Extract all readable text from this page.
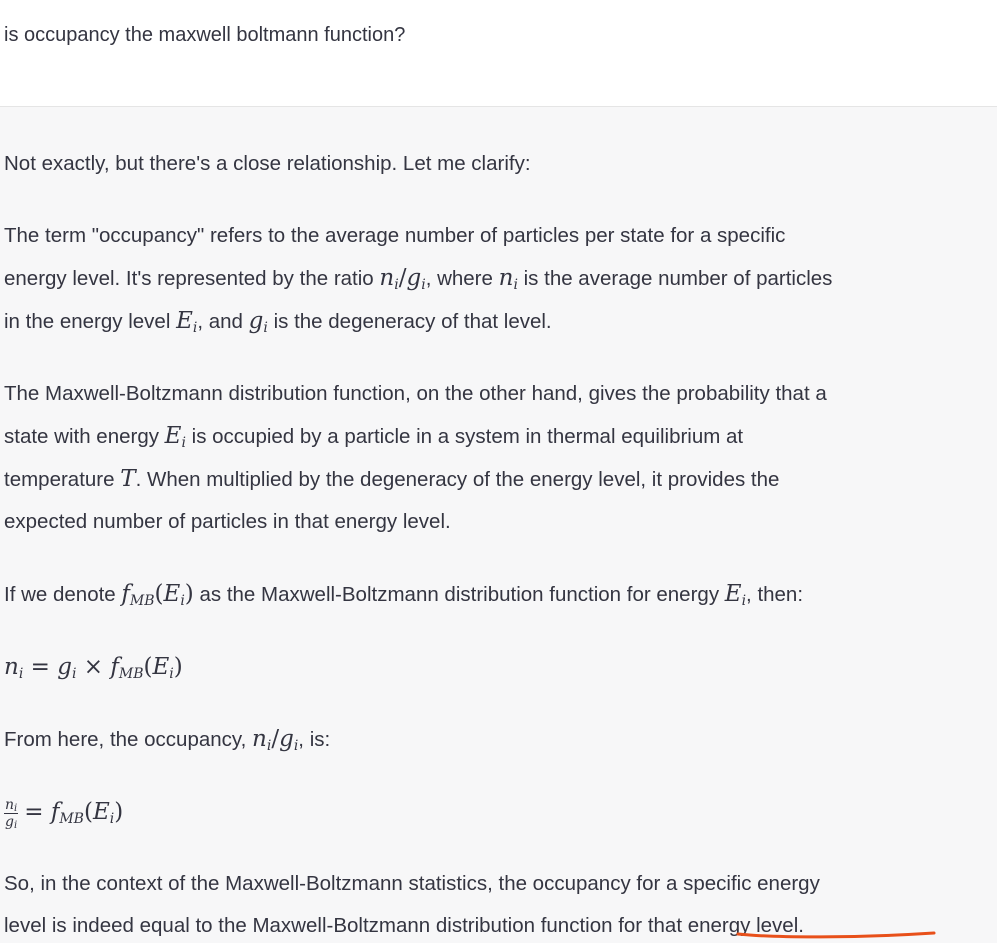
is occupancy the maxwell boltmann function?

Not exactly, but there's a close relationship. Let me clarify:

The term "occupancy" refers to the average number of particles per state for a specific

energy level. It's represented by the ratio $n_i/g_i$, where $n_i$ is the average number of particles

in the energy level $E_i$, and $g_i$ is the degeneracy of that level.

The Maxwell-Boltzmann distribution function, on the other hand, gives the probability that a

state with energy $E_i$ is occupied by a particle in a system in thermal equilibrium at

temperature T. When multiplied by the degeneracy of the energy level, it provides the

expected number of particles in that energy level.

If we denote $f_{MB}(E_i)$ as the Maxwell-Boltzmann distribution function for energy $E_i$, then:

$n_i = g_i \times f_{MB}(E_i)$

From here, the occupancy, $n_i/g_i$, is:

$\frac{n_i}{g_i} = f_{MB}(E_i)$

So, in the context of the Maxwell-Boltzmann statistics, the occupancy for a specific energy

level is indeed equal to the Maxwell-Boltzmann distribution function for that energy level.
